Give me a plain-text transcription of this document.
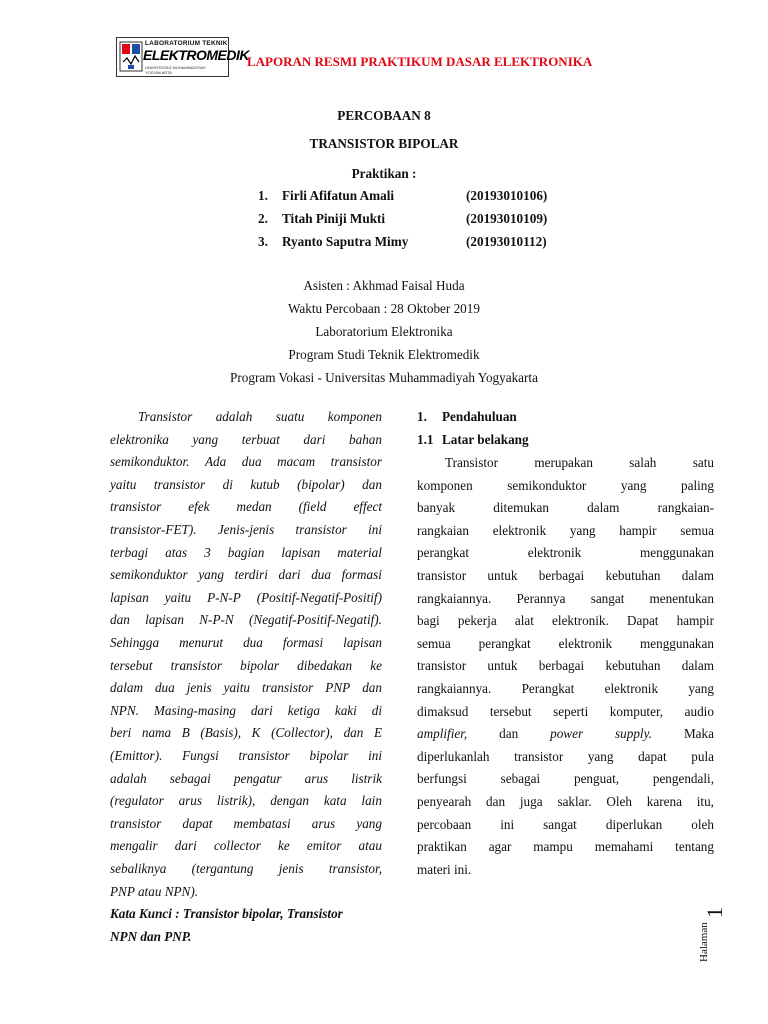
LABORATORIUM TEKNIK
ELEKTROMEDIK
UNIVERSITAS MUHAMMADIYAH YOGYAKARTA
LAPORAN RESMI PRAKTIKUM DASAR ELEKTRONIKA
PERCOBAAN 8
TRANSISTOR BIPOLAR
Praktikan :
1. Firli Afifatun Amali	(20193010106)
2. Titah Piniji Mukti	(20193010109)
3. Ryanto Saputra Mimy	(20193010112)
Asisten : Akhmad Faisal Huda
Waktu Percobaan : 28 Oktober 2019
Laboratorium Elektronika
Program Studi Teknik Elektromedik
Program Vokasi - Universitas Muhammadiyah Yogyakarta
Transistor adalah suatu komponen
elektronika yang terbuat dari bahan
semikonduktor. Ada dua macam transistor
yaitu transistor di kutub (bipolar) dan
transistor efek medan (field effect
transistor-FET). Jenis-jenis transistor ini
terbagi atas 3 bagian lapisan material
semikonduktor yang terdiri dari dua formasi
lapisan yaitu P-N-P (Positif-Negatif-Positif)
dan lapisan N-P-N (Negatif-Positif-Negatif).
Sehingga menurut dua formasi lapisan
tersebut transistor bipolar dibedakan ke
dalam dua jenis yaitu transistor PNP dan
NPN. Masing-masing dari ketiga kaki di
beri nama B (Basis), K (Collector), dan E
(Emittor). Fungsi transistor bipolar ini
adalah sebagai pengatur arus listrik
(regulator arus listrik), dengan kata lain
transistor dapat membatasi arus yang
mengalir dari collector ke emitor atau
sebaliknya (tergantung jenis transistor,
PNP atau NPN).
Kata Kunci : Transistor bipolar, Transistor
NPN dan PNP.
1. Pendahuluan
1.1 Latar belakang
Transistor	merupakan	salah	satu
komponen	semikonduktor	yang	paling
banyak	ditemukan	dalam	rangkaian-
rangkaian elektronik yang hampir semua
perangkat	elektronik	menggunakan
transistor untuk berbagai kebutuhan dalam
rangkaiannya. Perannya sangat menentukan
bagi pekerja alat elektronik. Dapat hampir
semua perangkat elektronik menggunakan
transistor untuk berbagai kebutuhan dalam
rangkaiannya. Perangkat elektronik yang
dimaksud tersebut seperti komputer, audio
amplifier, dan power supply. Maka
diperlukanlah transistor yang dapat pula
berfungsi	sebagai	penguat,	pengendali,
penyearah dan juga saklar. Oleh karena itu,
percobaan ini sangat diperlukan oleh
praktikan agar mampu memahami tentang
materi ini.
Halaman
1
